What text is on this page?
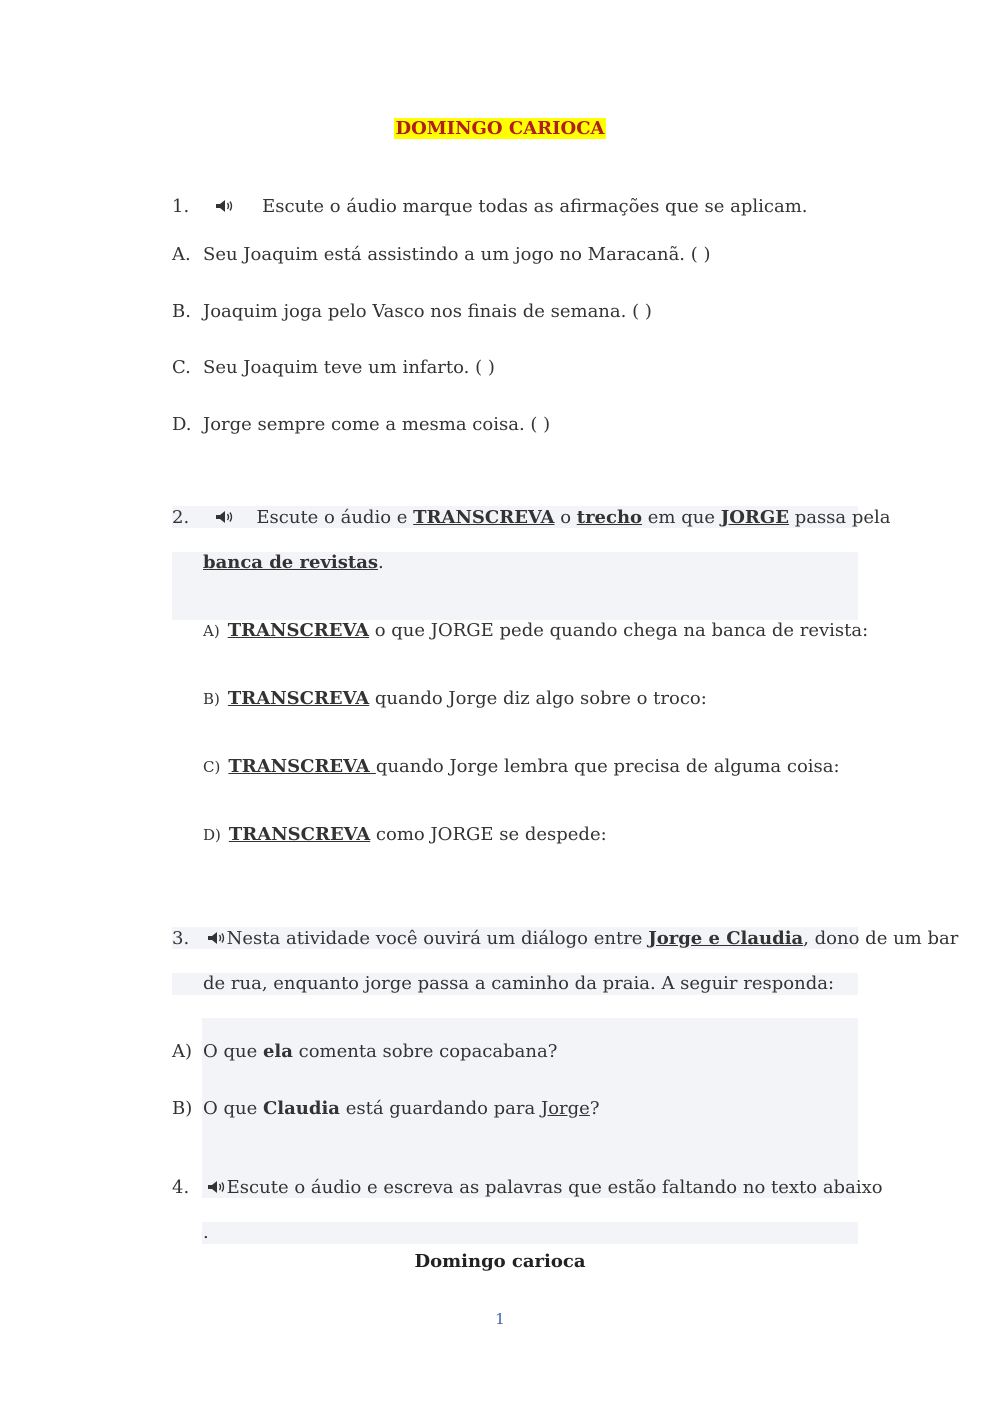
DOMINGO CARIOCA
1.	Escute o áudio marque todas as afirmações que se aplicam.
A. Seu Joaquim está assistindo a um jogo no Maracanã. ( )
B. Joaquim joga pelo Vasco nos finais de semana. ( )
C. Seu Joaquim teve um infarto. ( )
D. Jorge sempre come a mesma coisa. ( )
2.	Escute o áudio e TRANSCREVA o trecho em que JORGE passa pela
banca de revistas.
A) TRANSCREVA o que JORGE pede quando chega na banca de revista:
B) TRANSCREVA quando Jorge diz algo sobre o troco:
C) TRANSCREVA quando Jorge lembra que precisa de alguma coisa:
D) TRANSCREVA como JORGE se despede:
3. Nesta atividade você ouvirá um diálogo entre Jorge e Claudia, dono de um bar
de rua, enquanto jorge passa a caminho da praia. A seguir responda:
A) O que ela comenta sobre copacabana?
B) O que Claudia está guardando para Jorge?
4. Escute o áudio e escreva as palavras que estão faltando no texto abaixo
.
Domingo carioca
1
